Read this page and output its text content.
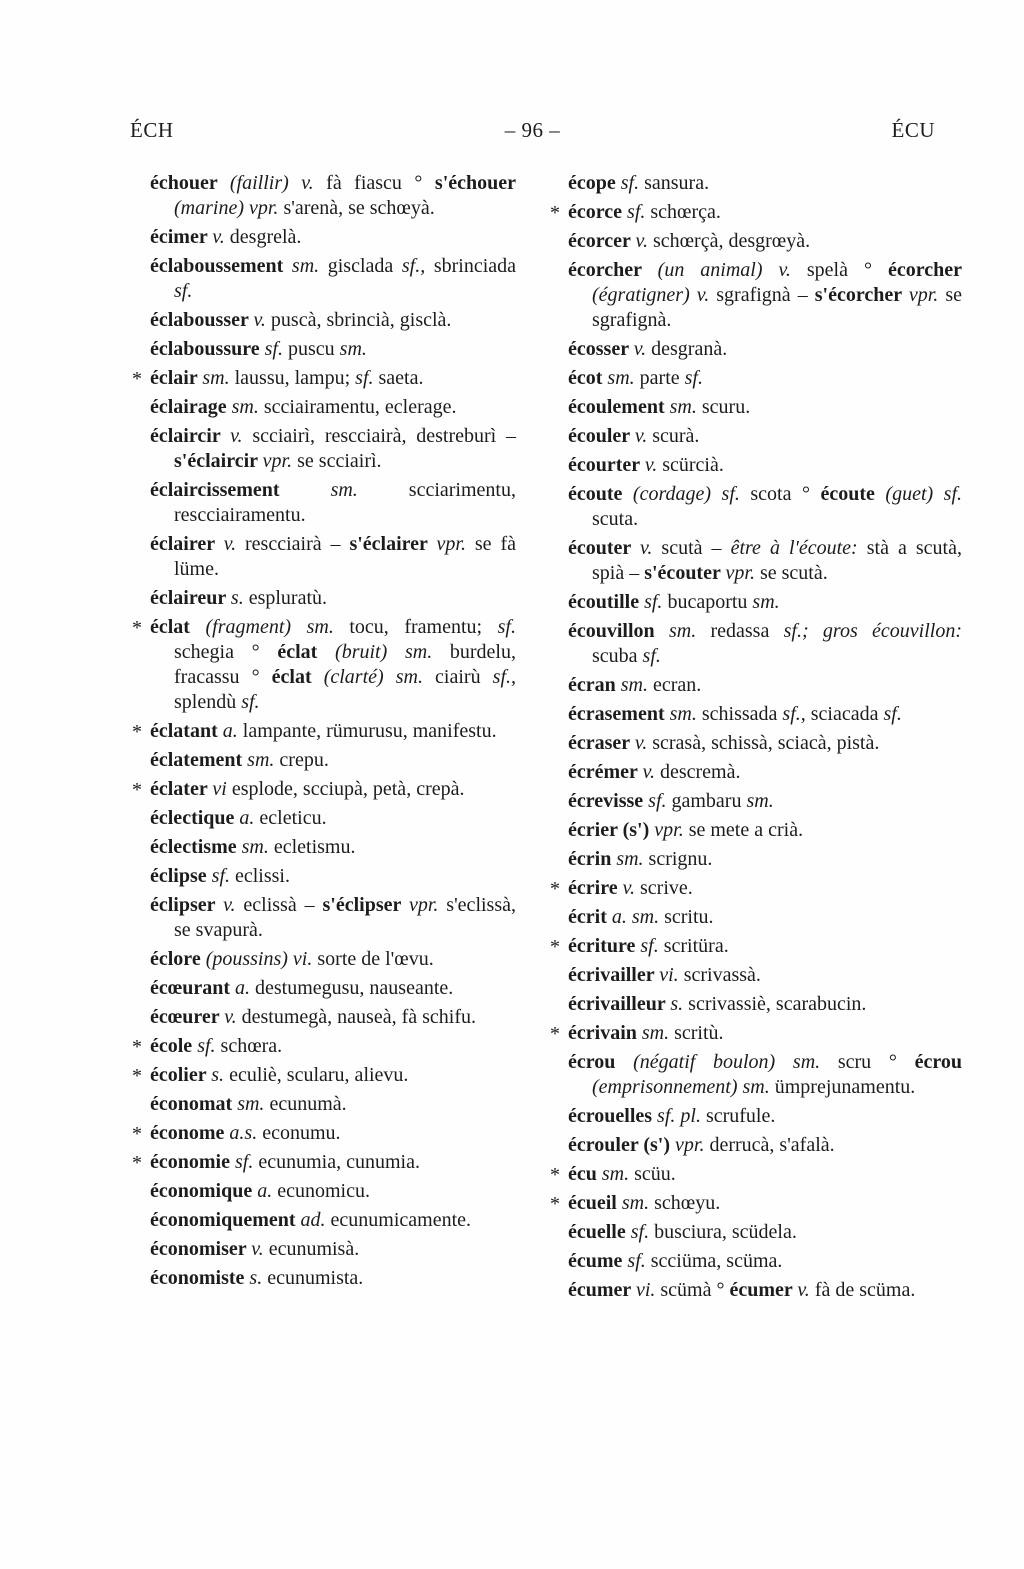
ÉCH	– 96 –	ÉCU

échouer (faillir) v. fà fiascu ° s'échouer (marine) vpr. s'arenà, se schœyà.

écimer v. desgrelà.

éclaboussement sm. gisclada sf., sbrinciada sf.

éclabousser v. puscà, sbrincià, gisclà.

éclaboussure sf. puscu sm.

* éclair sm. laussu, lampu; sf. saeta.

éclairage sm. scciairamentu, eclerage.

éclaircir v. scciairì, rescciairà, destreburì – s'éclaircir vpr. se scciairì.

éclaircissement sm. scciarimentu, rescciairamentu.

éclairer v. rescciairà – s'éclairer vpr. se fà lüme.

éclaireur s. espluratù.

* éclat (fragment) sm. tocu, framentu; sf. schegia ° éclat (bruit) sm. burdelu, fracassu ° éclat (clarté) sm. ciairù sf., splendù sf.

* éclatant a. lampante, rümurusu, manifestu.

éclatement sm. crepu.

* éclater vi esplode, scciupà, petà, crepà.

éclectique a. ecleticu.

éclectisme sm. ecletismu.

éclipse sf. eclissi.

éclipser v. eclissà – s'éclipser vpr. s'eclissà, se svapurà.

éclore (poussins) vi. sorte de l'œvu.

écœurant a. destumegusu, nauseante.

écœurer v. destumegà, nauseà, fà schifu.

* école sf. schœra.

* écolier s. eculiè, scularu, alievu.

économat sm. ecunumà.

* économe a.s. econumu.

* économie sf. ecunumia, cunumia.

économique a. ecunomicu.

économiquement ad. ecunumicamente.

économiser v. ecunumisà.

économiste s. ecunumista.

écope sf. sansura.

* écorce sf. schœrça.

écorcer v. schœrçà, desgrœyà.

écorcher (un animal) v. spelà ° écorcher (égratigner) v. sgrafignà – s'écorcher vpr. se sgrafignà.

écosser v. desgranà.

écot sm. parte sf.

écoulement sm. scuru.

écouler v. scurà.

écourter v. scürcià.

écoute (cordage) sf. scota ° écoute (guet) sf. scuta.

écouter v. scutà – être à l'écoute: stà a scutà, spià – s'écouter vpr. se scutà.

écoutille sf. bucaportu sm.

écouvillon sm. redassa sf.; gros écouvillon: scuba sf.

écran sm. ecran.

écrasement sm. schissada sf., sciacada sf.

écraser v. scrasà, schissà, sciacà, pistà.

écrémer v. descremà.

écrevisse sf. gambaru sm.

écrier (s') vpr. se mete a crià.

écrin sm. scrignu.

* écrire v. scrive.

écrit a. sm. scritu.

* écriture sf. scritüra.

écrivailler vi. scrivassà.

écrivailleur s. scrivassiè, scarabucin.

* écrivain sm. scritù.

écrou (négatif boulon) sm. scru ° écrou (emprisonnement) sm. ümprejunamentu.

écrouelles sf. pl. scrufule.

écrouler (s') vpr. derrucà, s'afalà.

* écu sm. scüu.

* écueil sm. schœyu.

écuelle sf. busciura, scüdela.

écume sf. scciüma, scüma.

écumer vi. scümà ° écumer v. fà de scüma.
